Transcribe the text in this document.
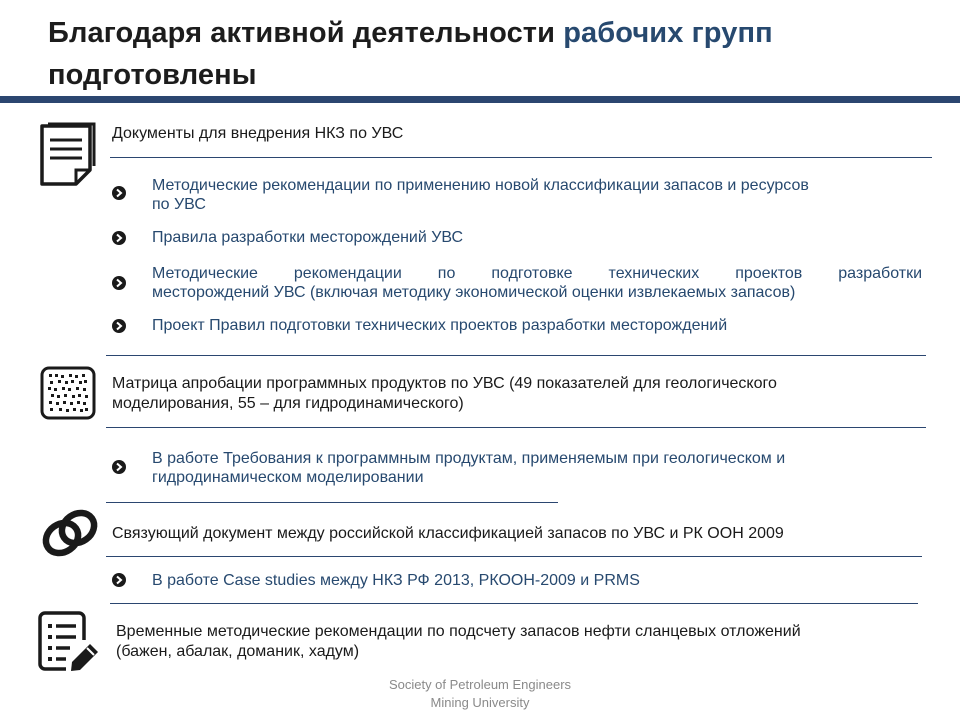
Благодаря активной деятельности рабочих групп
подготовлены
Документы для внедрения НКЗ по УВС
Методические рекомендации по применению новой классификации запасов и ресурсов
по УВС
Правила разработки месторождений УВС
Методические рекомендации по подготовке технических проектов разработки
месторождений УВС (включая методику экономической оценки извлекаемых запасов)
Проект Правил подготовки технических проектов разработки месторождений
Матрица апробации программных продуктов по УВС (49 показателей для геологического
моделирования, 55 – для гидродинамического)
В работе Требования к программным продуктам, применяемым при геологическом и
гидродинамическом моделировании
Связующий документ между российской классификацией запасов по УВС и РК ООН 2009
В работе Case studies между НКЗ РФ 2013, РКООН-2009 и PRMS
Временные методические рекомендации по подсчету запасов нефти сланцевых отложений
(бажен, абалак, доманик, хадум)
Society of Petroleum Engineers
Mining University
